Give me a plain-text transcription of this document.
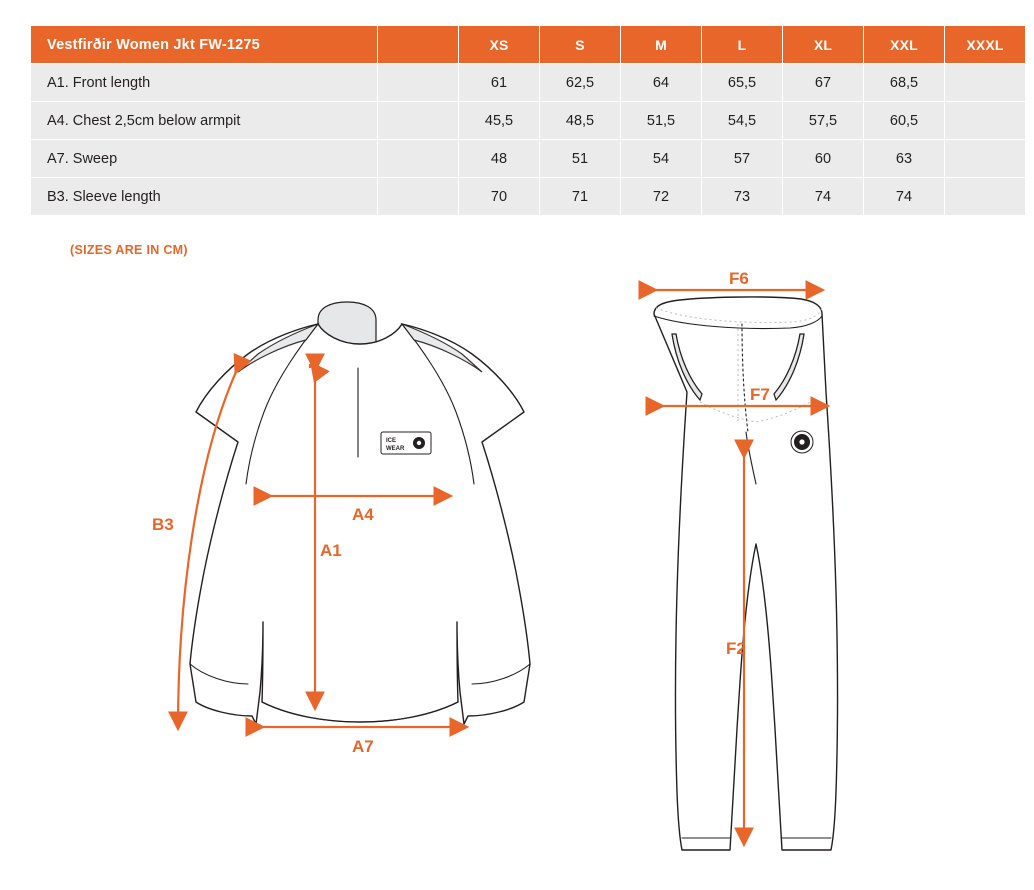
Vestfirðir Women Jkt FW-1275		XS	S	M	L	XL	XXL	XXXL
A1. Front length		61	62,5	64	65,5	67	68,5	
A4. Chest 2,5cm below armpit		45,5	48,5	51,5	54,5	57,5	60,5	
A7. Sweep		48	51	54	57	60	63	
B3. Sleeve length		70	71	72	73	74	74	
(SIZES ARE IN CM)
ICE
WEAR
B3
A4
A1
A7
F6
F7
F2
